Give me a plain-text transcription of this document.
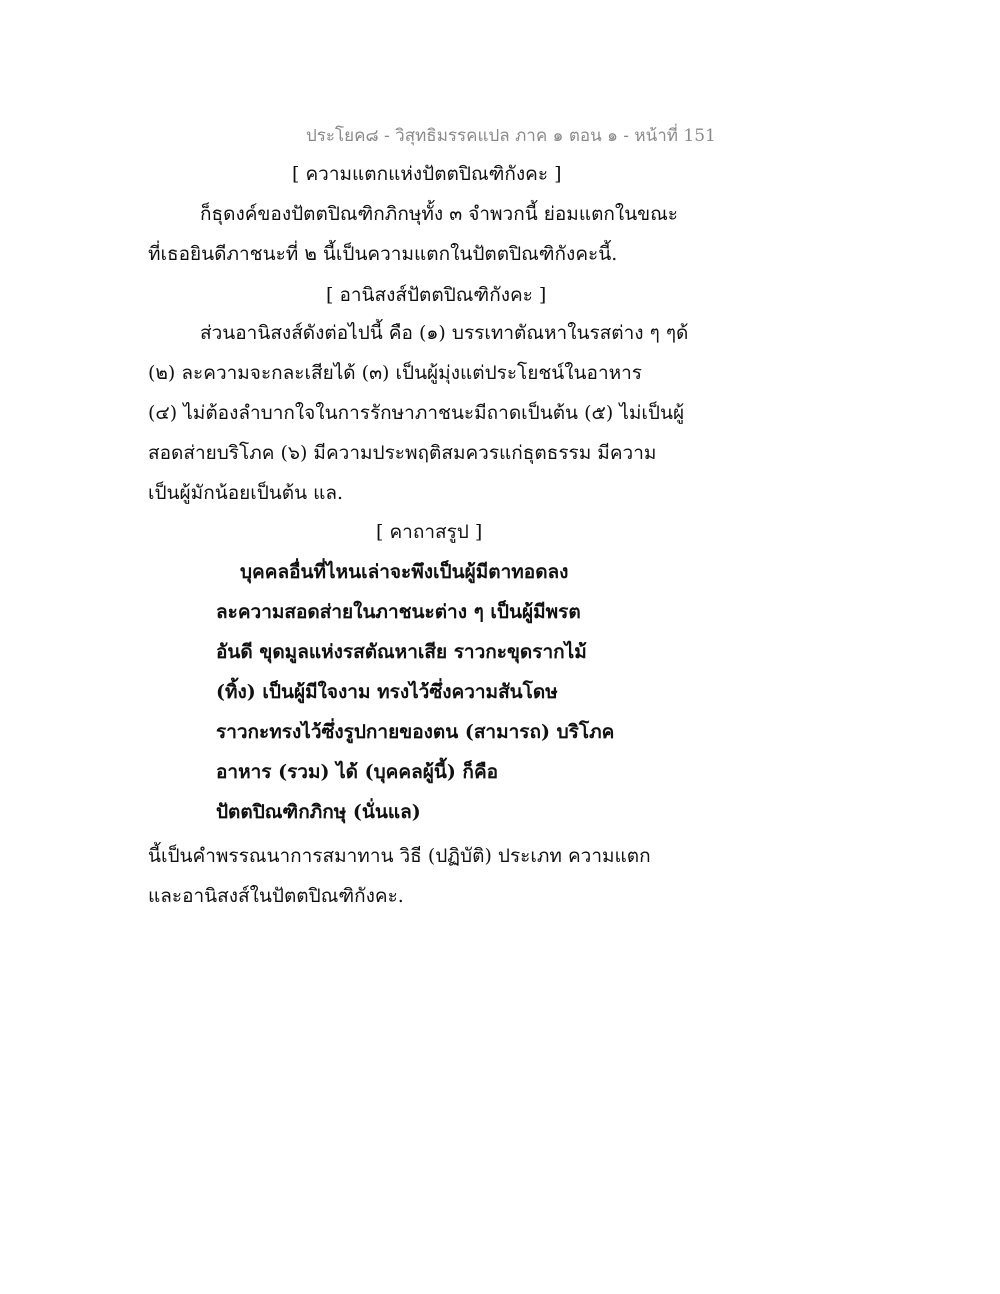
ประโยค๘ - วิสุทธิมรรคแปล ภาค ๑ ตอน ๑ - หน้าที่ 151
[ ความแตกแห่งปัตตปิณฑิกังคะ ]
ก็ธุดงค์ของปัตตปิณฑิกภิกษุทั้ง ๓ จำพวกนี้ ย่อมแตกในขณะ
ที่เธอยินดีภาชนะที่ ๒ นี้เป็นความแตกในปัตตปิณฑิกังคะนี้.
[ อานิสงส์ปัตตปิณฑิกังคะ ]
ส่วนอานิสงส์ดังต่อไปนี้ คือ (๑) บรรเทาตัณหาในรสต่าง ๆ ๆด้
(๒) ละความจะกละเสียได้ (๓) เป็นผู้มุ่งแต่ประโยชน์ในอาหาร
(๔) ไม่ต้องลำบากใจในการรักษาภาชนะมีถาดเป็นต้น (๕) ไม่เป็นผู้
สอดส่ายบริโภค (๖) มีความประพฤติสมควรแก่ธุตธรรม มีความ
เป็นผู้มักน้อยเป็นต้น แล.
[ คาถาสรูป ]
บุคคลอื่นที่ไหนเล่าจะพึงเป็นผู้มีตาทอดลง
ละความสอดส่ายในภาชนะต่าง ๆ เป็นผู้มีพรต
อันดี ขุดมูลแห่งรสตัณหาเสีย ราวกะขุดรากไม้
(ทิ้ง) เป็นผู้มีใจงาม ทรงไว้ซึ่งความสันโดษ
ราวกะทรงไว้ซึ่งรูปกายของตน (สามารถ) บริโภค
อาหาร (รวม) ได้ (บุคคลผู้นี้) ก็คือ
ปัตตปิณฑิกภิกษุ (นั่นแล)
นี้เป็นคำพรรณนาการสมาทาน วิธี (ปฏิบัติ) ประเภท ความแตก
และอานิสงส์ในปัตตปิณฑิกังคะ.
